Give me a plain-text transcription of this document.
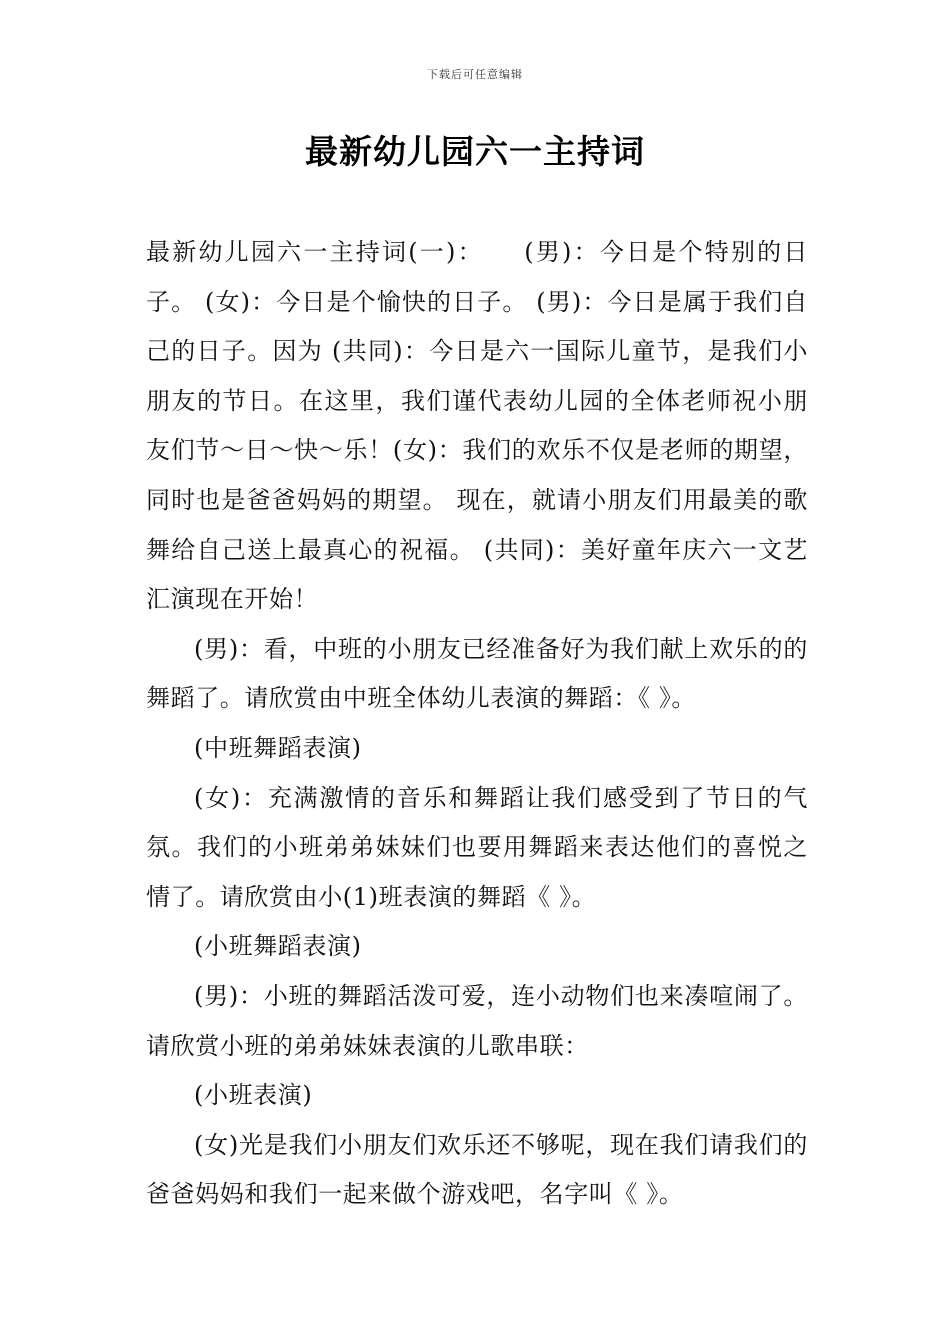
下载后可任意编辑
最新幼儿园六一主持词

最新幼儿园六一主持词(一)：　　(男)：今日是个特别的日子。 (女)：今日是个愉快的日子。 (男)：今日是属于我们自己的日子。因为 (共同)：今日是六一国际儿童节，是我们小朋友的节日。在这里，我们谨代表幼儿园的全体老师祝小朋友们节～日～快～乐！(女)：我们的欢乐不仅是老师的期望，同时也是爸爸妈妈的期望。 现在，就请小朋友们用最美的歌舞给自己送上最真心的祝福。 (共同)：美好童年庆六一文艺汇演现在开始！

(男)：看，中班的小朋友已经准备好为我们献上欢乐的的舞蹈了。请欣赏由中班全体幼儿表演的舞蹈：《 》。

(中班舞蹈表演)

(女)：充满激情的音乐和舞蹈让我们感受到了节日的气氛。我们的小班弟弟妹妹们也要用舞蹈来表达他们的喜悦之情了。请欣赏由小(1)班表演的舞蹈《 》。

(小班舞蹈表演)

(男)：小班的舞蹈活泼可爱，连小动物们也来凑喧闹了。请欣赏小班的弟弟妹妹表演的儿歌串联：

(小班表演)

(女)光是我们小朋友们欢乐还不够呢，现在我们请我们的爸爸妈妈和我们一起来做个游戏吧，名字叫《 》。
